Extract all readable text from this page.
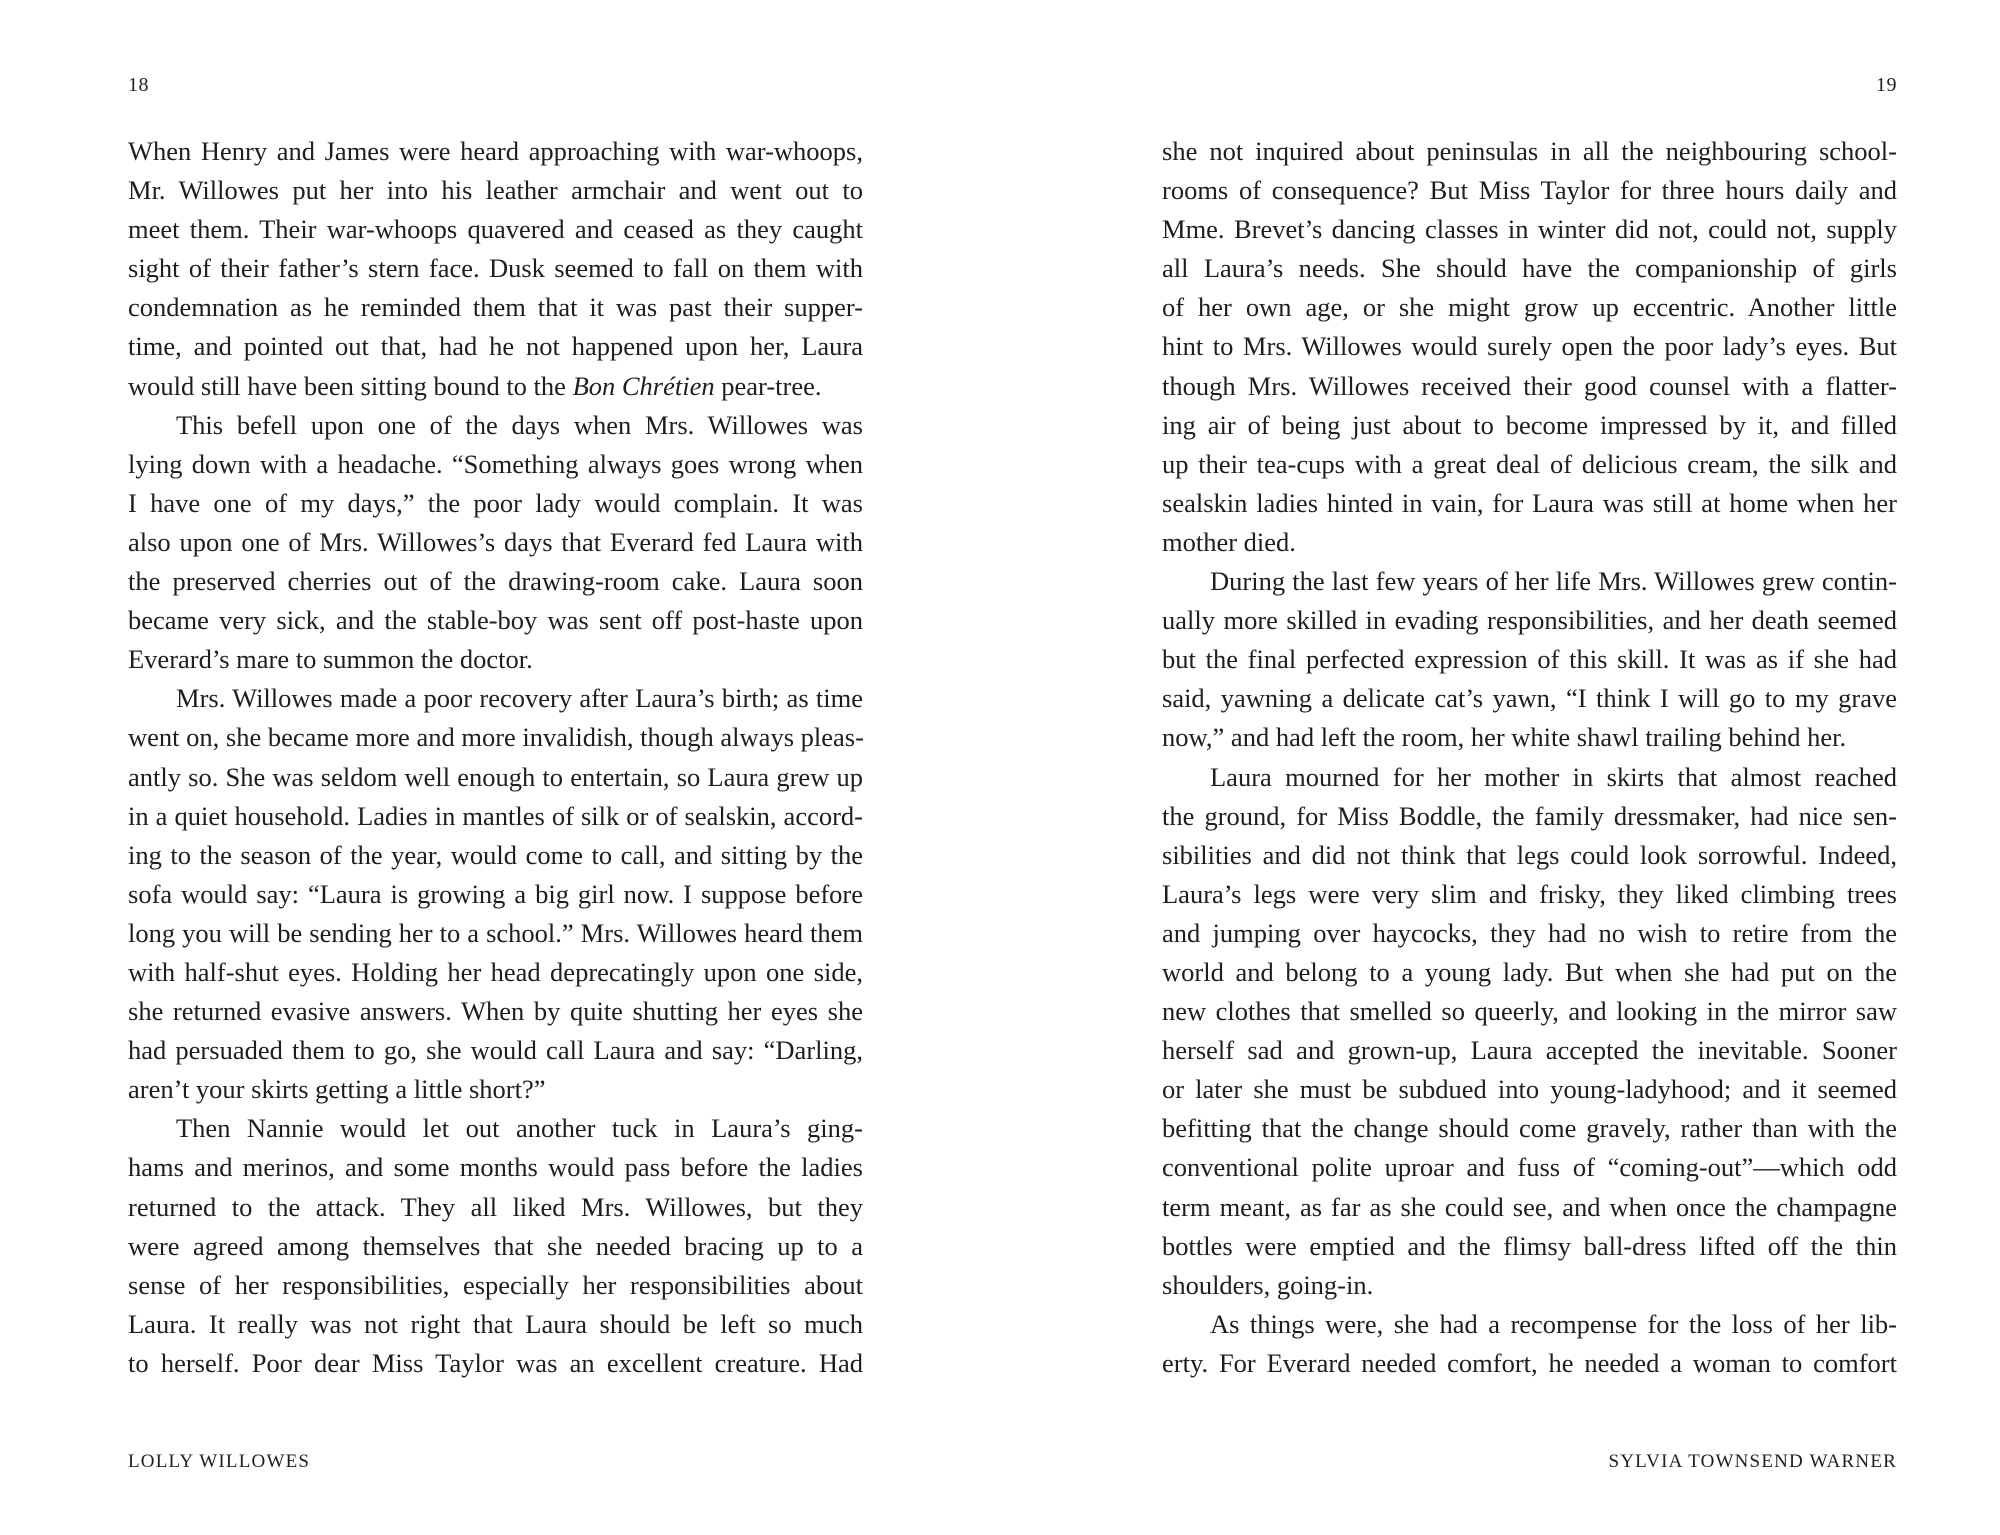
18
When Henry and James were heard approaching with war-whoops,
Mr. Willowes put her into his leather armchair and went out to
meet them. Their war-whoops quavered and ceased as they caught
sight of their father’s stern face. Dusk seemed to fall on them with
condemnation as he reminded them that it was past their supper-
time, and pointed out that, had he not happened upon her, Laura
would still have been sitting bound to the Bon Chrétien pear-tree.
This befell upon one of the days when Mrs. Willowes was
lying down with a headache. “Something always goes wrong when
I have one of my days,” the poor lady would complain. It was
also upon one of Mrs. Willowes’s days that Everard fed Laura with
the preserved cherries out of the drawing-room cake. Laura soon
became very sick, and the stable-boy was sent off post-haste upon
Everard’s mare to summon the doctor.
Mrs. Willowes made a poor recovery after Laura’s birth; as time
went on, she became more and more invalidish, though always pleas-
antly so. She was seldom well enough to entertain, so Laura grew up
in a quiet household. Ladies in mantles of silk or of sealskin, accord-
ing to the season of the year, would come to call, and sitting by the
sofa would say: “Laura is growing a big girl now. I suppose before
long you will be sending her to a school.” Mrs. Willowes heard them
with half-shut eyes. Holding her head deprecatingly upon one side,
she returned evasive answers. When by quite shutting her eyes she
had persuaded them to go, she would call Laura and say: “Darling,
aren’t your skirts getting a little short?”
Then Nannie would let out another tuck in Laura’s ging-
hams and merinos, and some months would pass before the ladies
returned to the attack. They all liked Mrs. Willowes, but they
were agreed among themselves that she needed bracing up to a
sense of her responsibilities, especially her responsibilities about
Laura. It really was not right that Laura should be left so much
to herself. Poor dear Miss Taylor was an excellent creature. Had
LOLLY WILLOWES
19
she not inquired about peninsulas in all the neighbouring school-
rooms of consequence? But Miss Taylor for three hours daily and
Mme. Brevet’s dancing classes in winter did not, could not, supply
all Laura’s needs. She should have the companionship of girls
of her own age, or she might grow up eccentric. Another little
hint to Mrs. Willowes would surely open the poor lady’s eyes. But
though Mrs. Willowes received their good counsel with a flatter-
ing air of being just about to become impressed by it, and filled
up their tea-cups with a great deal of delicious cream, the silk and
sealskin ladies hinted in vain, for Laura was still at home when her
mother died.
During the last few years of her life Mrs. Willowes grew contin-
ually more skilled in evading responsibilities, and her death seemed
but the final perfected expression of this skill. It was as if she had
said, yawning a delicate cat’s yawn, “I think I will go to my grave
now,” and had left the room, her white shawl trailing behind her.
Laura mourned for her mother in skirts that almost reached
the ground, for Miss Boddle, the family dressmaker, had nice sen-
sibilities and did not think that legs could look sorrowful. Indeed,
Laura’s legs were very slim and frisky, they liked climbing trees
and jumping over haycocks, they had no wish to retire from the
world and belong to a young lady. But when she had put on the
new clothes that smelled so queerly, and looking in the mirror saw
herself sad and grown-up, Laura accepted the inevitable. Sooner
or later she must be subdued into young-ladyhood; and it seemed
befitting that the change should come gravely, rather than with the
conventional polite uproar and fuss of “coming-out”—which odd
term meant, as far as she could see, and when once the champagne
bottles were emptied and the flimsy ball-dress lifted off the thin
shoulders, going-in.
As things were, she had a recompense for the loss of her lib-
erty. For Everard needed comfort, he needed a woman to comfort
SYLVIA TOWNSEND WARNER
